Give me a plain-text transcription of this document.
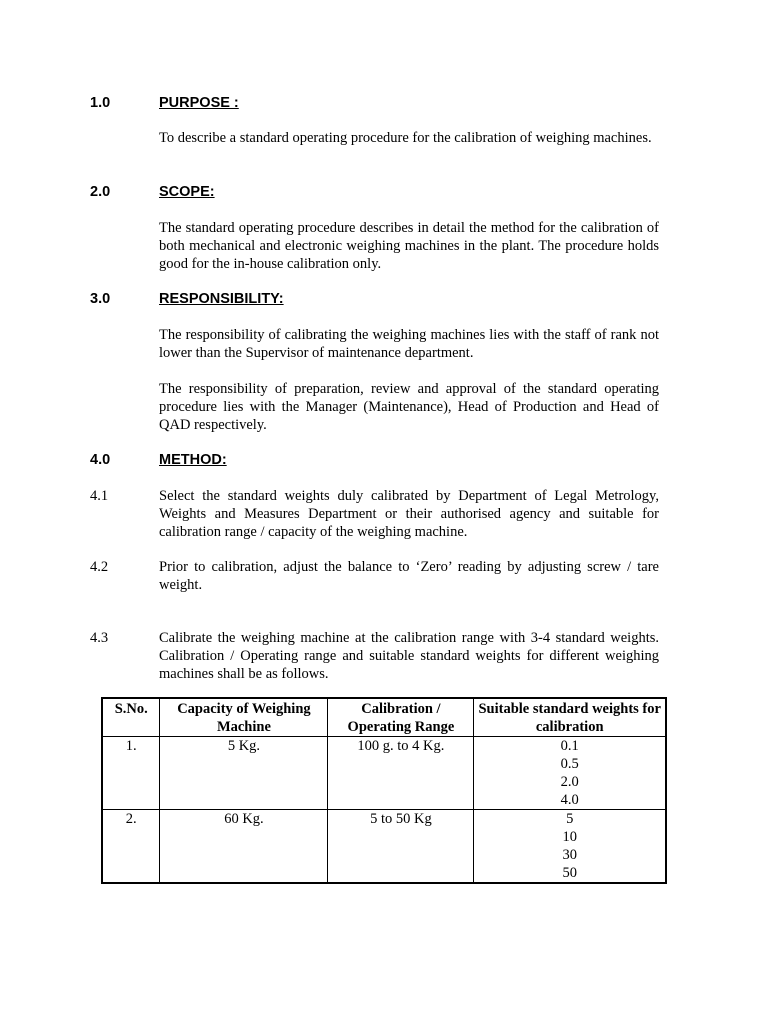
1.0	PURPOSE :
To describe a standard operating procedure for the calibration of weighing machines.
2.0	SCOPE:
The standard operating procedure describes in detail the method for the calibration of both mechanical and electronic weighing machines in the plant. The procedure holds good for the in-house calibration only.
3.0	RESPONSIBILITY:
The responsibility of calibrating the weighing machines lies with the staff of rank not lower than the Supervisor of maintenance department.
The responsibility of preparation, review and approval of the standard operating procedure lies with the Manager (Maintenance), Head of Production and Head of QAD respectively.
4.0	METHOD:
4.1	Select the standard weights duly calibrated by Department of Legal Metrology, Weights and Measures Department or their authorised agency and suitable for calibration range / capacity of the weighing machine.
4.2	Prior to calibration, adjust the balance to ‘Zero’ reading by adjusting screw / tare weight.
4.3	Calibrate the weighing machine at the calibration range with 3-4 standard weights. Calibration / Operating range and suitable standard weights for different weighing machines shall be as follows.
S.No.	Capacity of Weighing Machine	Calibration / Operating Range	Suitable standard weights for calibration
1.	5 Kg.	100 g. to 4 Kg.	0.1
0.5
2.0
4.0

2.	60 Kg.	5 to 50 Kg	5
10
30
50
